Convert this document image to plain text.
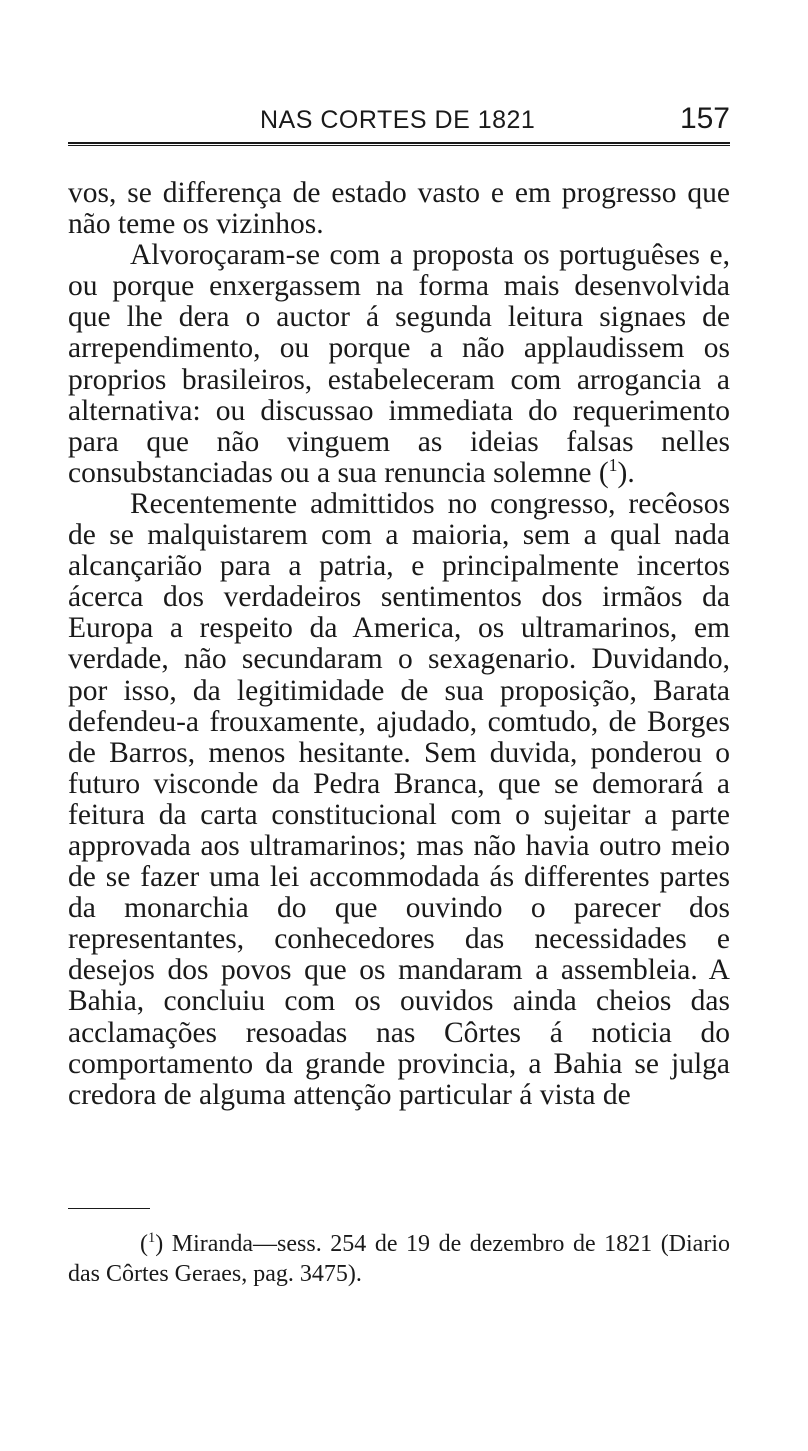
NAS CORTES DE 1821	157

vos, se differença de estado vasto e em progresso que não teme os vizinhos.

Alvoroçaram-se com a proposta os portuguêses e, ou porque enxergassem na forma mais desenvolvida que lhe dera o auctor á segunda leitura signaes de arrependimento, ou porque a não applaudissem os proprios brasileiros, estabeleceram com arrogancia a alternativa: ou discussao immediata do requerimento para que não vinguem as ideias falsas nelles consubstanciadas ou a sua renuncia solemne ($^1$).

Recentemente admittidos no congresso, recêosos de se malquistarem com a maioria, sem a qual nada alcançarião para a patria, e principalmente incertos ácerca dos verdadeiros sentimentos dos irmãos da Europa a respeito da America, os ultramarinos, em verdade, não secundaram o sexagenario. Duvidando, por isso, da legitimidade de sua proposição, Barata defendeu-a frouxamente, ajudado, comtudo, de Borges de Barros, menos hesitante. Sem duvida, ponderou o futuro visconde da Pedra Branca, que se demorará a feitura da carta constitucional com o sujeitar a parte approvada aos ultramarinos; mas não havia outro meio de se fazer uma lei accommodada ás differentes partes da monarchia do que ouvindo o parecer dos representantes, conhecedores das necessidades e desejos dos povos que os mandaram a assembleia. A Bahia, concluiu com os ouvidos ainda cheios das acclamações resoadas nas Côrtes á noticia do comportamento da grande provincia, a Bahia se julga credora de alguma attenção particular á vista de

($^1$) Miranda—sess. 254 de 19 de dezembro de 1821 (Diario das Côrtes Geraes, pag. 3475).
